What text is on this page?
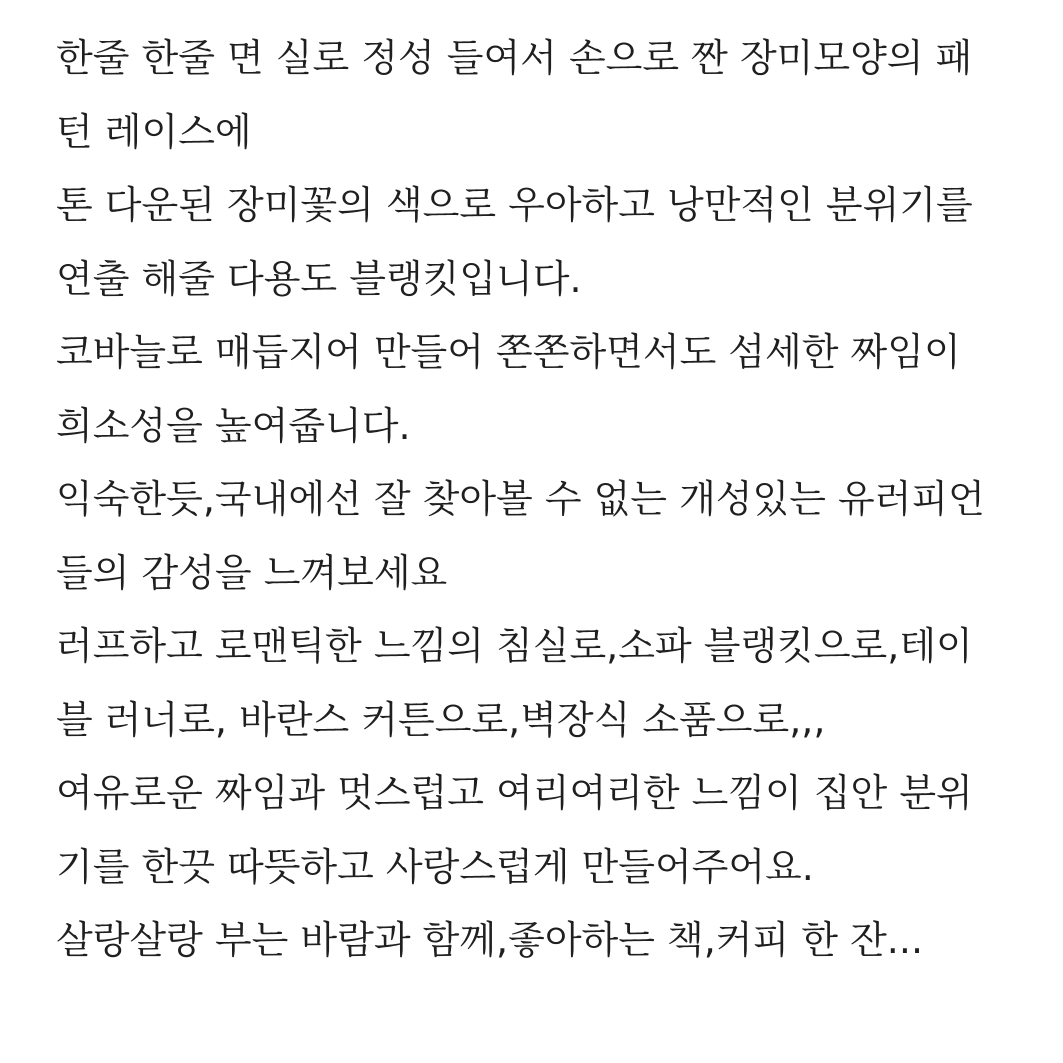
한줄 한줄 면 실로 정성 들여서 손으로 짠 장미모양의 패
턴 레이스에
톤 다운된 장미꽃의 색으로 우아하고 낭만적인 분위기를
연출 해줄 다용도 블랭킷입니다.
코바늘로 매듭지어 만들어 쫀쫀하면서도 섬세한 짜임이
희소성을 높여줍니다.
익숙한듯,국내에선 잘 찾아볼 수 없는 개성있는 유러피언
들의 감성을 느껴보세요
러프하고 로맨틱한 느낌의 침실로,소파 블랭킷으로,테이
블 러너로, 바란스 커튼으로,벽장식 소품으로,,,
여유로운 짜임과 멋스럽고 여리여리한 느낌이 집안 분위
기를 한끗 따뜻하고 사랑스럽게 만들어주어요.
살랑살랑 부는 바람과 함께,좋아하는 책,커피 한 잔...
